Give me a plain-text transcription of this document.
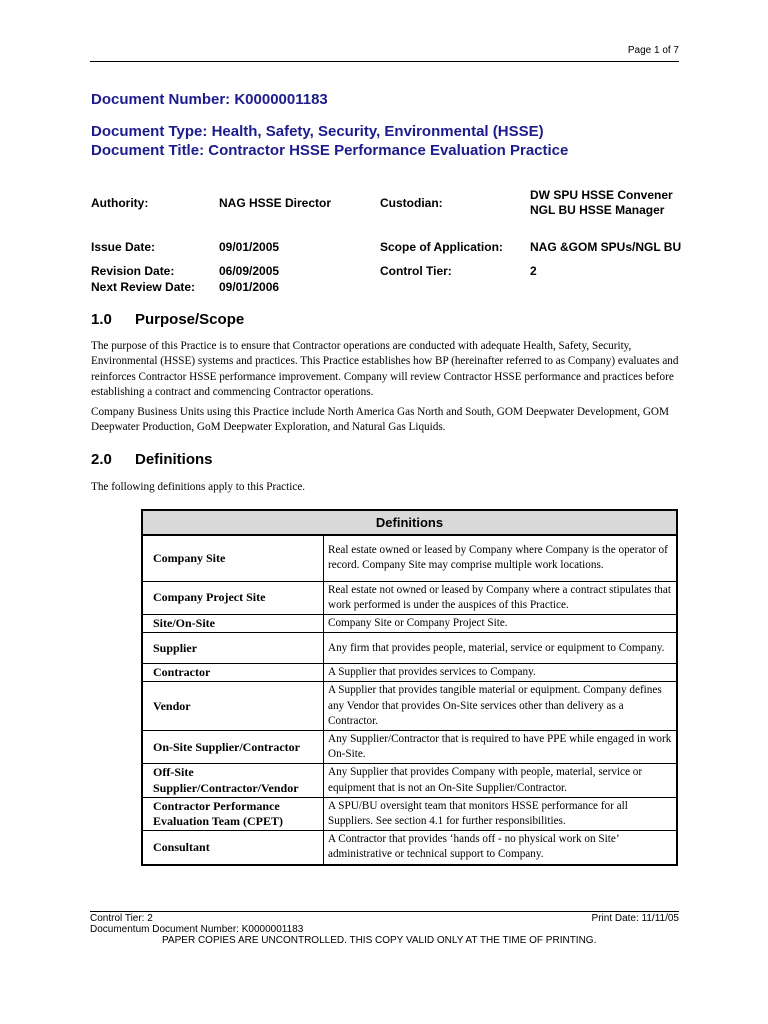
Page 1 of 7
Document Number: K0000001183
Document Type: Health, Safety, Security, Environmental (HSSE)
Document Title: Contractor HSSE Performance Evaluation Practice
Authority:	NAG HSSE Director	Custodian:
DW SPU HSSE Convener
NGL BU HSSE Manager
Issue Date:	09/01/2005	Scope of Application: NAG &GOM SPUs/NGL BU
Revision Date:	06/09/2005	Control Tier:	2
Next Review Date: 09/01/2006
1.0 Purpose/Scope

The purpose of this Practice is to ensure that Contractor operations are conducted with adequate Health, Safety, Security, Environmental (HSSE) systems and practices. This Practice establishes how BP (hereinafter referred to as Company) evaluates and reinforces Contractor HSSE performance improvement. Company will review Contractor HSSE performance and practices before establishing a contract and commencing Contractor operations.

Company Business Units using this Practice include North America Gas North and South, GOM Deepwater Development, GOM Deepwater Production, GoM Deepwater Exploration, and Natural Gas Liquids.

2.0 Definitions

The following definitions apply to this Practice.

Definitions	
Company Site	Real estate owned or leased by Company where Company is the operator of record. Company Site may comprise multiple work locations.
Company Project Site	Real estate not owned or leased by Company where a contract stipulates that work performed is under the auspices of this Practice.
Site/On-Site	Company Site or Company Project Site.
Supplier	Any firm that provides people, material, service or equipment to Company.
Contractor	A Supplier that provides services to Company.
Vendor	A Supplier that provides tangible material or equipment. Company defines any Vendor that provides On-Site services other than delivery as a Contractor.
On-Site Supplier/Contractor	Any Supplier/Contractor that is required to have PPE while engaged in work On-Site.
Off-Site Supplier/Contractor/Vendor	Any Supplier that provides Company with people, material, service or equipment that is not an On-Site Supplier/Contractor.
Contractor Performance Evaluation Team (CPET)	A SPU/BU oversight team that monitors HSSE performance for all Suppliers. See section 4.1 for further responsibilities.
Consultant	A Contractor that provides ‘hands off - no physical work on Site’ administrative or technical support to Company.
Control Tier: 2
Documentum Document Number: K0000001183
Print Date: 11/11/05
PAPER COPIES ARE UNCONTROLLED. THIS COPY VALID ONLY AT THE TIME OF PRINTING.
